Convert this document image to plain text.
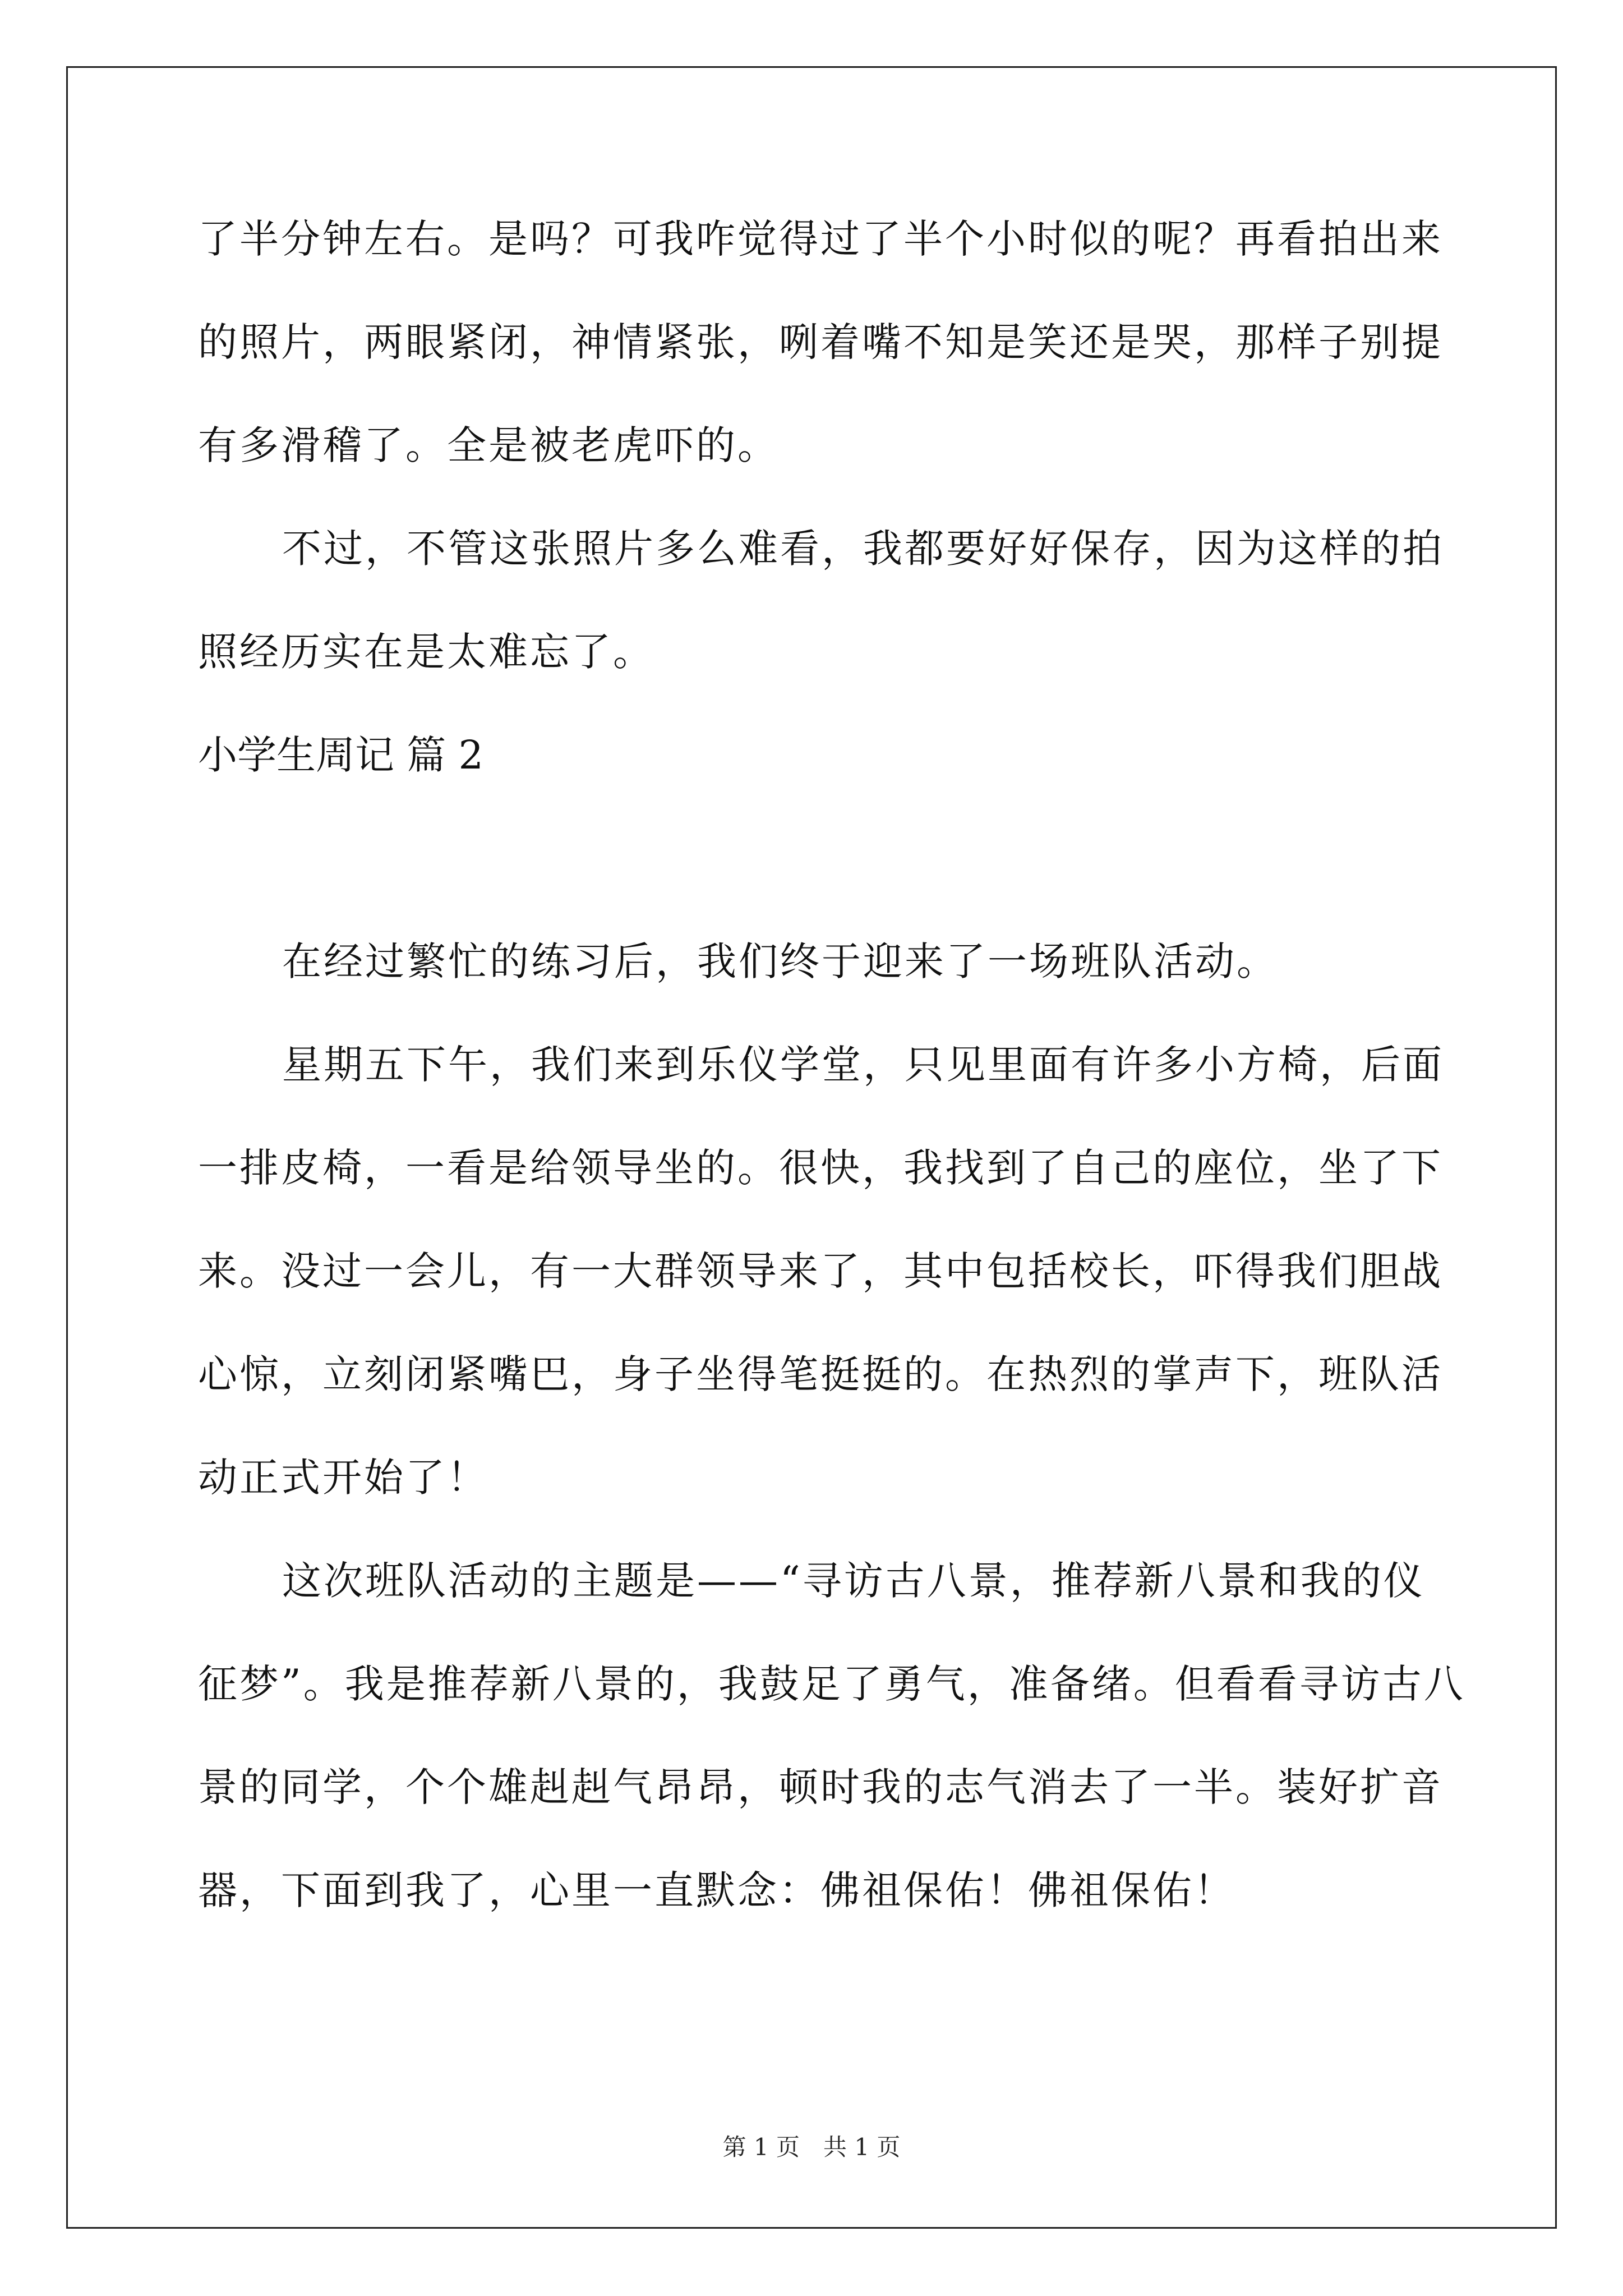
了半分钟左右。是吗？可我咋觉得过了半个小时似的呢？再看拍出来
的照片，两眼紧闭，神情紧张，咧着嘴不知是笑还是哭，那样子别提
有多滑稽了。全是被老虎吓的。
不过，不管这张照片多么难看，我都要好好保存，因为这样的拍
照经历实在是太难忘了。
小学生周记 篇 2
在经过繁忙的练习后，我们终于迎来了一场班队活动。
星期五下午，我们来到乐仪学堂，只见里面有许多小方椅，后面
一排皮椅，一看是给领导坐的。很快，我找到了自己的座位，坐了下
来。没过一会儿，有一大群领导来了，其中包括校长，吓得我们胆战
心惊，立刻闭紧嘴巴，身子坐得笔挺挺的。在热烈的掌声下，班队活
动正式开始了！
这次班队活动的主题是——“寻访古八景，推荐新八景和我的仪
征梦”。我是推荐新八景的，我鼓足了勇气，准备绪。但看看寻访古八
景的同学，个个雄赳赳气昂昂，顿时我的志气消去了一半。装好扩音
器，下面到我了，心里一直默念：佛祖保佑！佛祖保佑！
第 1 页　共 1 页
